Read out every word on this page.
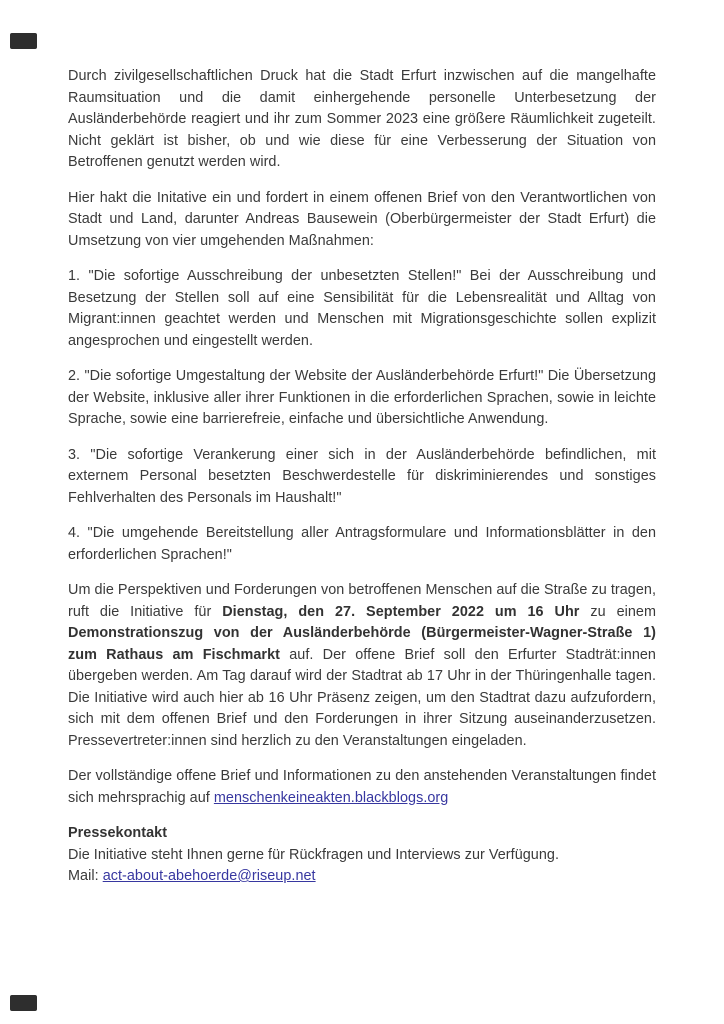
Durch zivilgesellschaftlichen Druck hat die Stadt Erfurt inzwischen auf die mangelhafte Raumsituation und die damit einhergehende personelle Unterbesetzung der Ausländerbehörde reagiert und ihr zum Sommer 2023 eine größere Räumlichkeit zugeteilt. Nicht geklärt ist bisher, ob und wie diese für eine Verbesserung der Situation von Betroffenen genutzt werden wird.

Hier hakt die Initative ein und fordert in einem offenen Brief von den Verantwortlichen von Stadt und Land, darunter Andreas Bausewein (Oberbürgermeister der Stadt Erfurt) die Umsetzung von vier umgehenden Maßnahmen:

1. "Die sofortige Ausschreibung der unbesetzten Stellen!" Bei der Ausschreibung und Besetzung der Stellen soll auf eine Sensibilität für die Lebensrealität und Alltag von Migrant:innen geachtet werden und Menschen mit Migrationsgeschichte sollen explizit angesprochen und eingestellt werden.

2. "Die sofortige Umgestaltung der Website der Ausländerbehörde Erfurt!" Die Übersetzung der Website, inklusive aller ihrer Funktionen in die erforderlichen Sprachen, sowie in leichte Sprache, sowie eine barrierefreie, einfache und übersichtliche Anwendung.

3. "Die sofortige Verankerung einer sich in der Ausländerbehörde befindlichen, mit externem Personal besetzten Beschwerdestelle für diskriminierendes und sonstiges Fehlverhalten des Personals im Haushalt!"

4. "Die umgehende Bereitstellung aller Antragsformulare und Informationsblätter in den erforderlichen Sprachen!"

Um die Perspektiven und Forderungen von betroffenen Menschen auf die Straße zu tragen, ruft die Initiative für Dienstag, den 27. September 2022 um 16 Uhr zu einem Demonstrationszug von der Ausländerbehörde (Bürgermeister-Wagner-Straße 1) zum Rathaus am Fischmarkt auf. Der offene Brief soll den Erfurter Stadträt:innen übergeben werden. Am Tag darauf wird der Stadtrat ab 17 Uhr in der Thüringenhalle tagen. Die Initiative wird auch hier ab 16 Uhr Präsenz zeigen, um den Stadtrat dazu aufzufordern, sich mit dem offenen Brief und den Forderungen in ihrer Sitzung auseinanderzusetzen. Pressevertreter:innen sind herzlich zu den Veranstaltungen eingeladen.

Der vollständige offene Brief und Informationen zu den anstehenden Veranstaltungen findet sich mehrsprachig auf menschenkeineakten.blackblogs.org

Pressekontakt
Die Initiative steht Ihnen gerne für Rückfragen und Interviews zur Verfügung.
Mail: act-about-abehoerde@riseup.net
